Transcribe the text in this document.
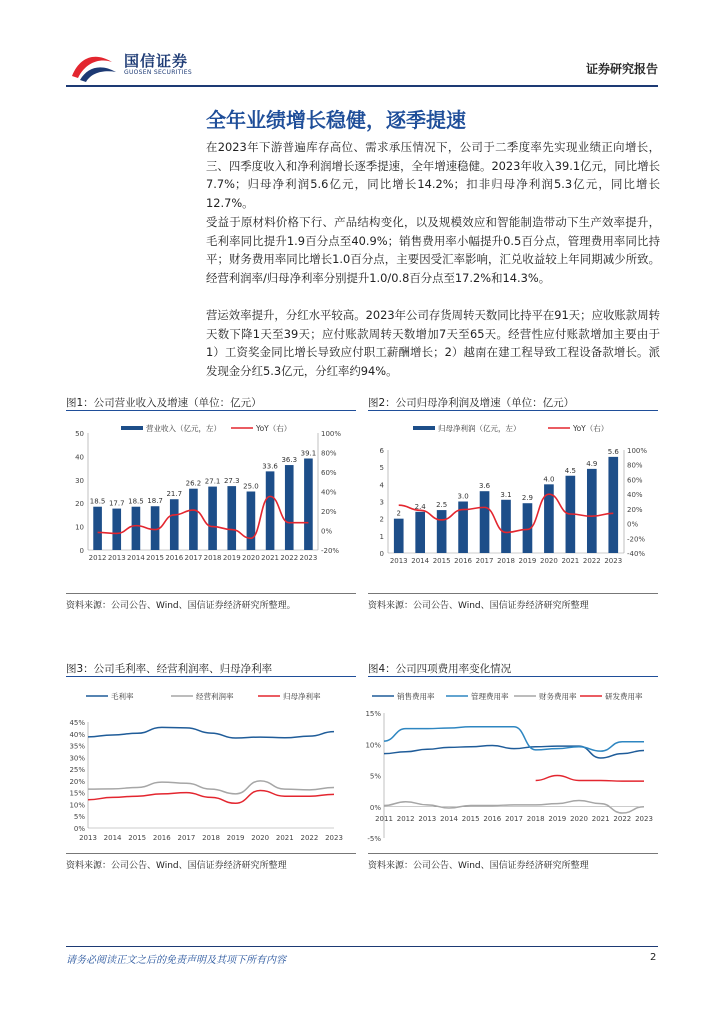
国信证券
GUOSEN SECURITIES	证券研究报告
全年业绩增长稳健，逐季提速
在2023年下游普遍库存高位、需求承压情况下，公司于二季度率先实现业绩正向增长，三、四季度收入和净利润增长逐季提速，全年增速稳健。2023年收入39.1亿元，同比增长7.7%；归母净利润5.6亿元，同比增长14.2%；扣非归母净利润5.3亿元，同比增长12.7%。
受益于原材料价格下行、产品结构变化，以及规模效应和智能制造带动下生产效率提升，毛利率同比提升1.9百分点至40.9%；销售费用率小幅提升0.5百分点，管理费用率同比持平；财务费用率同比增长1.0百分点，主要因受汇率影响，汇兑收益较上年同期减少所致。经营利润率/归母净利率分别提升1.0/0.8百分点至17.2%和14.3%。
营运效率提升，分红水平较高。2023年公司存货周转天数同比持平在91天；应收账款周转天数下降1天至39天；应付账款周转天数增加7天至65天。经营性应付账款增加主要由于1）工资奖金同比增长导致应付职工薪酬增长；2）越南在建工程导致工程设备款增长。派发现金分红5.3亿元，分红率约94%。
图1：公司营业收入及增速（单位：亿元）
0
10
20
30
40
50
-20%
0%
20%
40%
60%
80%
100%
18.5
2012
17.7
2013
18.5
2014
18.7
2015
21.7
2016
26.2
2017
27.1
2018
27.3
2019
25.0
2020
33.6
2021
36.3
2022
39.1
2023
营业收入（亿元，左）	YoY（右）
资料来源：公司公告、Wind、国信证券经济研究所整理。
图2：公司归母净利润及增速（单位：亿元）
0
1
2
3
4
5
6
-40%
-20%
0%
20%
40%
60%
80%
100%
2
2013
2.4
2014
2.5
2015
3.0
2016
3.6
2017
3.1
2018
2.9
2019
4.0
2020
4.5
2021
4.9
2022
5.6
2023
归母净利润（亿元，左）	YoY（右）
资料来源：公司公告、Wind、国信证券经济研究所整理
图3：公司毛利率、经营利润率、归母净利率
0%
5%
10%
15%
20%
25%
30%
35%
40%
45%
2013 2014 2015 2016 2017 2018 2019 2020 2021 2022 2023
毛利率	经营利润率	归母净利率
资料来源：公司公告、Wind、国信证券经济研究所整理
图4：公司四项费用率变化情况
-5%
0%
5%
10%
15%
2011 2012 2013 2014 2015 2016 2017 2018 2019 2020 2021 2022 2023
销售费用率	管理费用率	财务费用率	研发费用率
资料来源：公司公告、Wind、国信证券经济研究所整理
请务必阅读正文之后的免责声明及其项下所有内容	2
